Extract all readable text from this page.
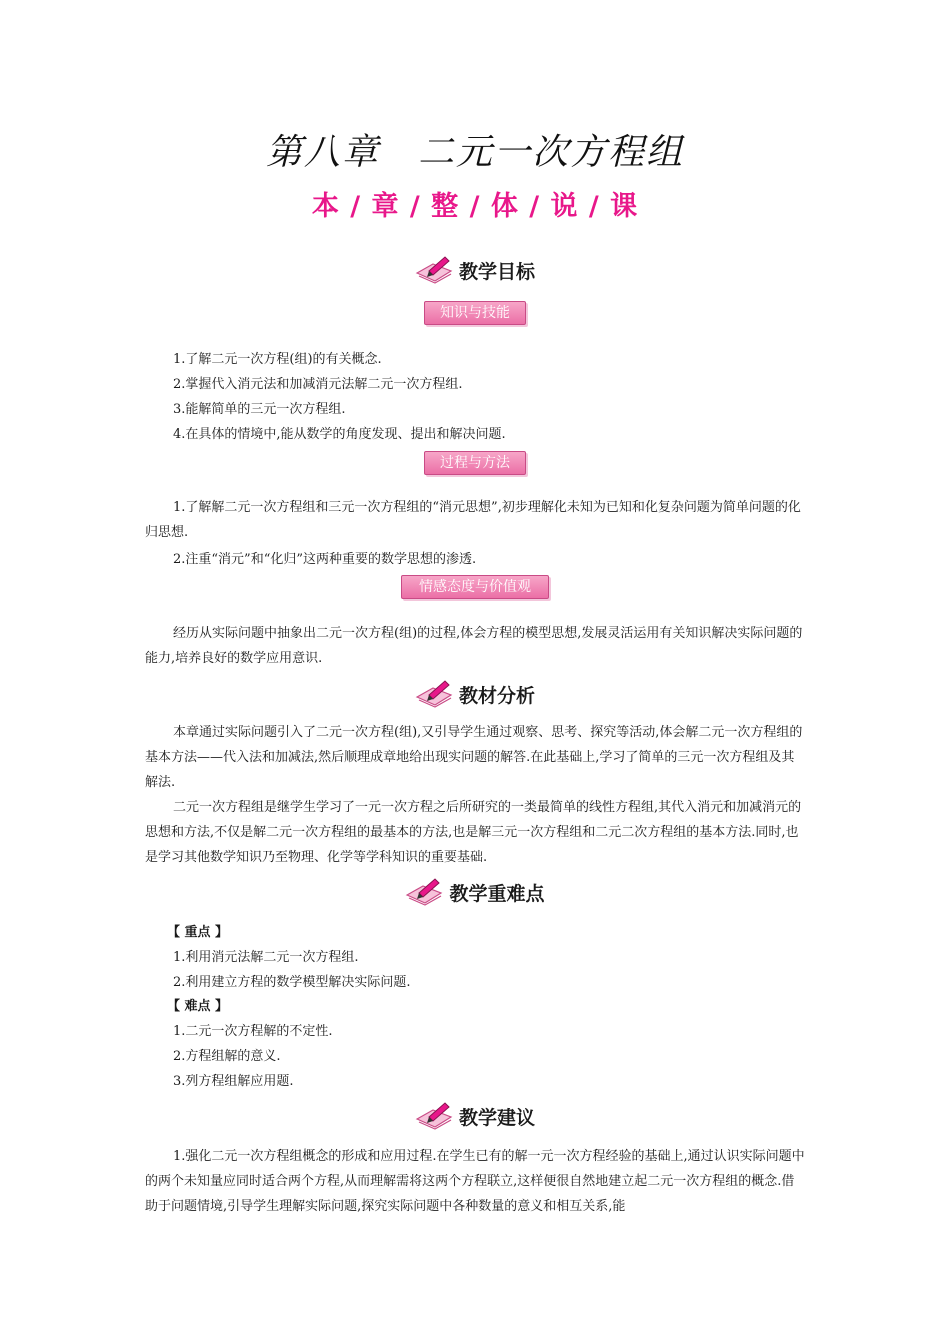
第八章　二元一次方程组
本 / 章 / 整 / 体 / 说 / 课
教学目标
知识与技能
1.了解二元一次方程(组)的有关概念.
2.掌握代入消元法和加减消元法解二元一次方程组.
3.能解简单的三元一次方程组.
4.在具体的情境中,能从数学的角度发现、提出和解决问题.
过程与方法
1.了解解二元一次方程组和三元一次方程组的“消元思想”,初步理解化未知为已知和化复杂问题为简单问题的化归思想.
2.注重“消元”和“化归”这两种重要的数学思想的渗透.
情感态度与价值观
经历从实际问题中抽象出二元一次方程(组)的过程,体会方程的模型思想,发展灵活运用有关知识解决实际问题的能力,培养良好的数学应用意识.
教材分析
本章通过实际问题引入了二元一次方程(组),又引导学生通过观察、思考、探究等活动,体会解二元一次方程组的基本方法——代入法和加减法,然后顺理成章地给出现实问题的解答.在此基础上,学习了简单的三元一次方程组及其解法.
二元一次方程组是继学生学习了一元一次方程之后所研究的一类最简单的线性方程组,其代入消元和加减消元的思想和方法,不仅是解二元一次方程组的最基本的方法,也是解三元一次方程组和二元二次方程组的基本方法.同时,也是学习其他数学知识乃至物理、化学等学科知识的重要基础.
教学重难点
【 重点 】
1.利用消元法解二元一次方程组.
2.利用建立方程的数学模型解决实际问题.
【 难点 】
1.二元一次方程解的不定性.
2.方程组解的意义.
3.列方程组解应用题.
教学建议
1.强化二元一次方程组概念的形成和应用过程.在学生已有的解一元一次方程经验的基础上,通过认识实际问题中的两个未知量应同时适合两个方程,从而理解需将这两个方程联立,这样便很自然地建立起二元一次方程组的概念.借助于问题情境,引导学生理解实际问题,探究实际问题中各种数量的意义和相互关系,能
